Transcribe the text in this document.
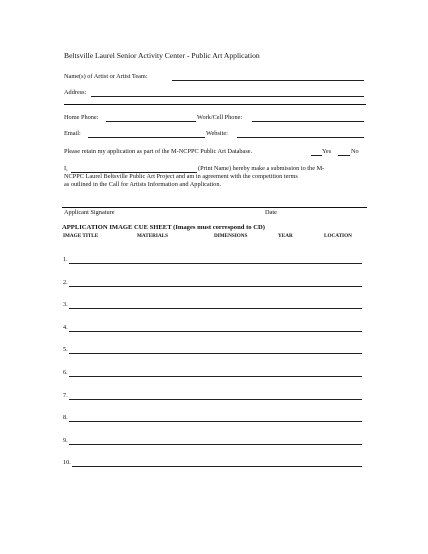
Beltsville Laurel Senior Activity Center - Public Art Application
Name(s) of Artist or Artist Team:
Address:
Home Phone:	Work/Cell Phone:
Email:	Website:
Please retain my application as part of the M-NCPPC Public Art Database.	Yes	No
I,	(Print Name) hereby make a submission to the M-
NCPPC Laurel Beltsville Public Art Project and am in agreement with the competition terms
as outlined in the Call for Artists Information and Application.
Applicant Signature	Date
APPLICATION IMAGE CUE SHEET (Images must correspond to CD)
IMAGE TITLE	MATERIALS	DIMENSIONS	YEAR	LOCATION
1.
2.
3.
4.
5.
6.
7.
8.
9.
10.
